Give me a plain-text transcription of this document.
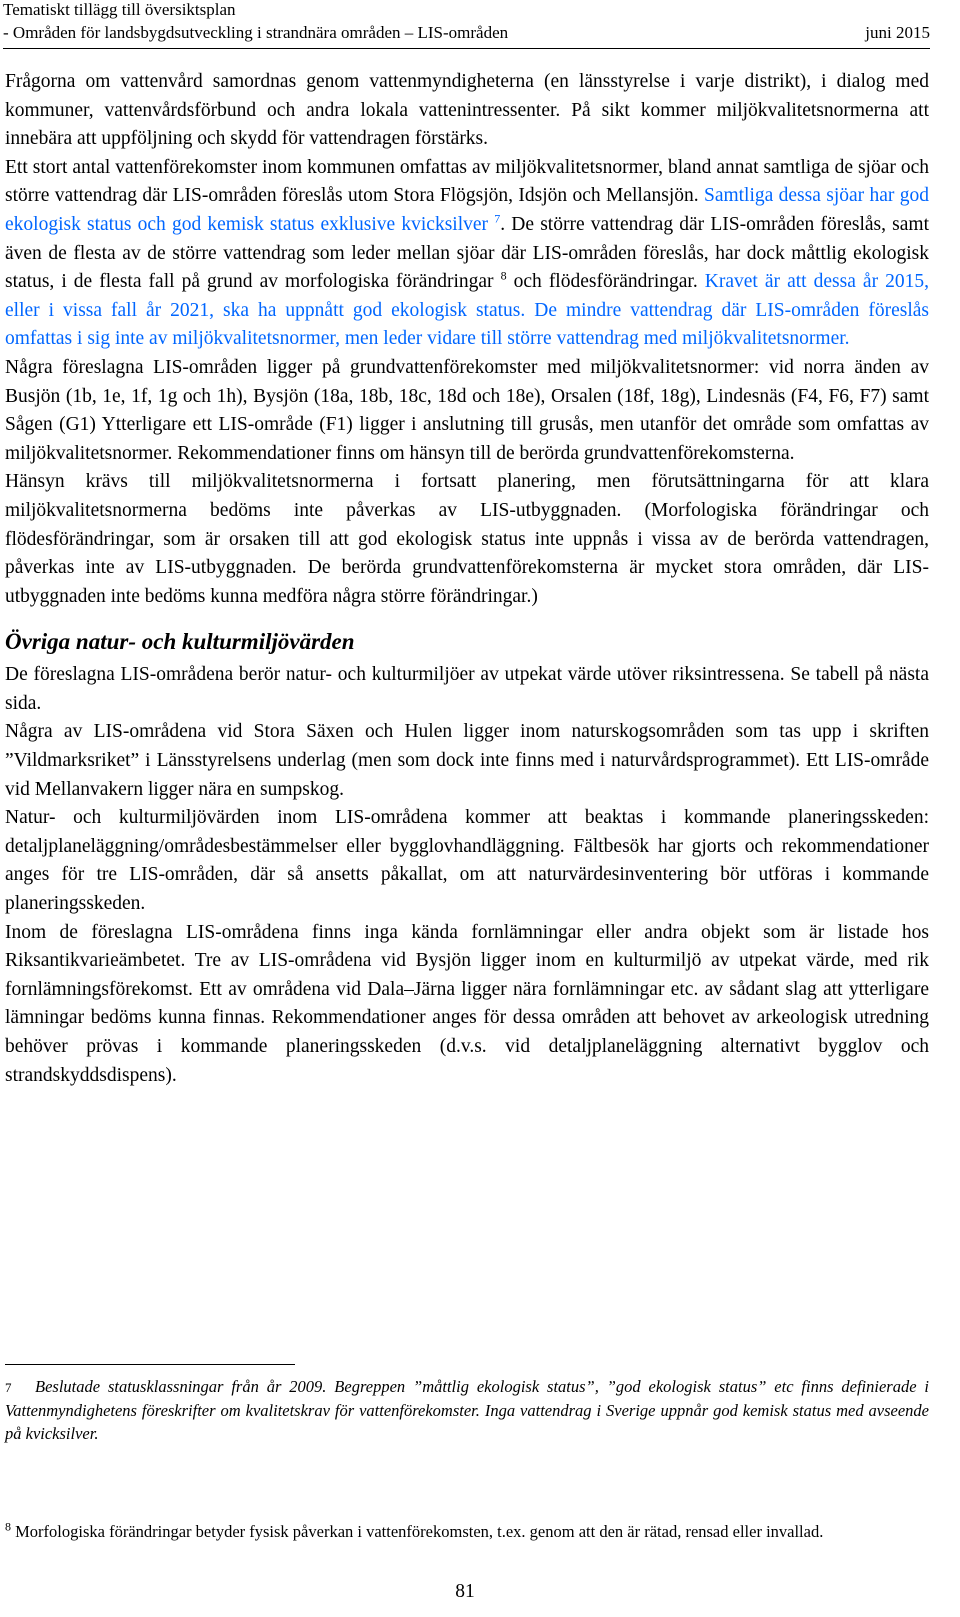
Tematiskt tillägg till översiktsplan
- Områden för landsbygdsutveckling i strandnära områden – LIS-områden	juni 2015

Frågorna om vattenvård samordnas genom vattenmyndigheterna (en länsstyrelse i varje distrikt), i dialog med kommuner, vattenvårdsförbund och andra lokala vattenintressenter. På sikt kommer miljökvalitetsnormerna att innebära att uppföljning och skydd för vattendragen förstärks.

Ett stort antal vattenförekomster inom kommunen omfattas av miljökvalitetsnormer, bland annat samtliga de sjöar och större vattendrag där LIS-områden föreslås utom Stora Flögsjön, Idsjön och Mellansjön. Samtliga dessa sjöar har god ekologisk status och god kemisk status exklusive kvicksilver $^7$. De större vattendrag där LIS-områden föreslås, samt även de flesta av de större vattendrag som leder mellan sjöar där LIS-områden föreslås, har dock måttlig ekologisk status, i de flesta fall på grund av morfologiska förändringar $^8$ och flödesförändringar. Kravet är att dessa år 2015, eller i vissa fall år 2021, ska ha uppnått god ekologisk status. De mindre vattendrag där LIS-områden föreslås omfattas i sig inte av miljökvalitetsnormer, men leder vidare till större vattendrag med miljökvalitetsnormer.

Några föreslagna LIS-områden ligger på grundvattenförekomster med miljökvalitetsnormer: vid norra änden av Busjön (1b, 1e, 1f, 1g och 1h), Bysjön (18a, 18b, 18c, 18d och 18e), Orsalen (18f, 18g), Lindesnäs (F4, F6, F7) samt Sågen (G1) Ytterligare ett LIS-område (F1) ligger i anslutning till grusås, men utanför det område som omfattas av miljökvalitetsnormer. Rekommendationer finns om hänsyn till de berörda grundvattenförekomsterna.

Hänsyn krävs till miljökvalitetsnormerna i fortsatt planering, men förutsättningarna för att klara miljökvalitetsnormerna bedöms inte påverkas av LIS-utbyggnaden. (Morfologiska förändringar och flödesförändringar, som är orsaken till att god ekologisk status inte uppnås i vissa av de berörda vattendragen, påverkas inte av LIS-utbyggnaden. De berörda grundvattenförekomsterna är mycket stora områden, där LIS-utbyggnaden inte bedöms kunna medföra några större förändringar.)

Övriga natur- och kulturmiljövärden

De föreslagna LIS-områdena berör natur- och kulturmiljöer av utpekat värde utöver riksintressena. Se tabell på nästa sida.

Några av LIS-områdena vid Stora Säxen och Hulen ligger inom naturskogsområden som tas upp i skriften ”Vildmarksriket” i Länsstyrelsens underlag (men som dock inte finns med i naturvårdsprogrammet). Ett LIS-område vid Mellanvakern ligger nära en sumpskog.

Natur- och kulturmiljövärden inom LIS-områdena kommer att beaktas i kommande planeringsskeden: detaljplaneläggning/områdesbestämmelser eller bygglovhandläggning. Fältbesök har gjorts och rekommendationer anges för tre LIS-områden, där så ansetts påkallat, om att naturvärdesinventering bör utföras i kommande planeringsskeden.

Inom de föreslagna LIS-områdena finns inga kända fornlämningar eller andra objekt som är listade hos Riksantikvarieämbetet. Tre av LIS-områdena vid Bysjön ligger inom en kulturmiljö av utpekat värde, med rik fornlämningsförekomst. Ett av områdena vid Dala–Järna ligger nära fornlämningar etc. av sådant slag att ytterligare lämningar bedöms kunna finnas. Rekommendationer anges för dessa områden att behovet av arkeologisk utredning behöver prövas i kommande planeringsskeden (d.v.s. vid detaljplaneläggning alternativt bygglov och strandskyddsdispens).

7 Beslutade statusklassningar från år 2009. Begreppen ”måttlig ekologisk status”, ”god ekologisk status” etc finns definierade i Vattenmyndighetens föreskrifter om kvalitetskrav för vattenförekomster. Inga vattendrag i Sverige uppnår god kemisk status med avseende på kvicksilver.
$^8$ Morfologiska förändringar betyder fysisk påverkan i vattenförekomsten, t.ex. genom att den är rätad, rensad eller invallad.
81
